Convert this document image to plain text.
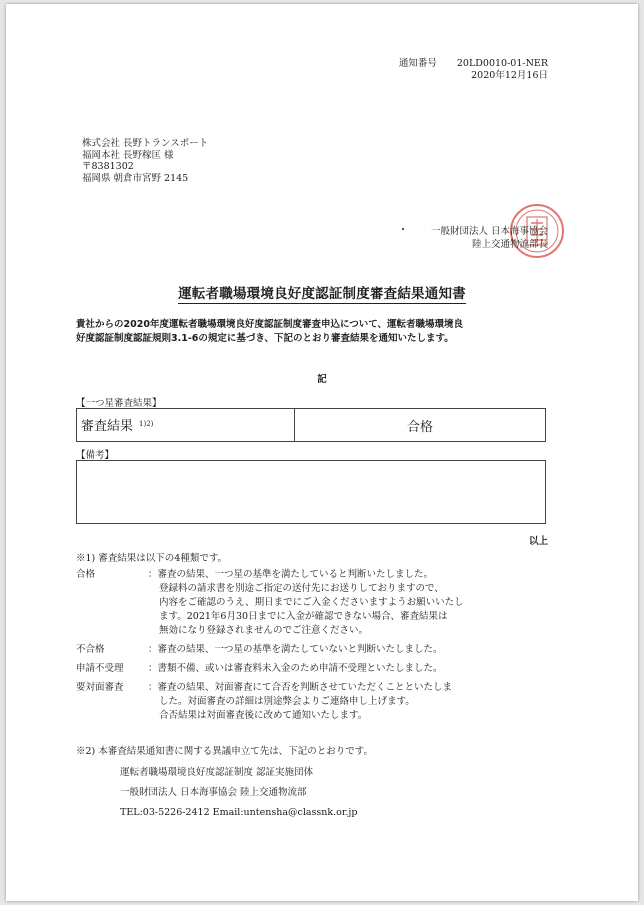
通知番号 20LD0010-01-NER
2020年12月16日
株式会社 長野トランスポート
福岡本社 長野稼匡 様
〒8381302
福岡県 朝倉市宮野 2145
一般財団法人 日本海事協会
陸上交通物流部長
運転者職場環境良好度認証制度審査結果通知書
貴社からの2020年度運転者職場環境良好度認証制度審査申込について、運転者職場環境良
好度認証制度認証規則3.1-6の規定に基づき、下記のとおり審査結果を通知いたします。
記
【一つ星審査結果】
審査結果 $^{1)2)}$	合格
【備考】
以上
※1) 審査結果は以下の4種類です。
合格	：審査の結果、一つ星の基準を満たしていると判断いたしました。
登録料の請求書を別途ご指定の送付先にお送りしておりますので、
内容をご確認のうえ、期日までにご入金くださいますようお願いいたし
ます。2021年6月30日までに入金が確認できない場合、審査結果は
無効になり登録されませんのでご注意ください。
不合格	：審査の結果、一つ星の基準を満たしていないと判断いたしました。
申請不受理	：書類不備、或いは審査料未入金のため申請不受理といたしました。
要対面審査	：審査の結果、対面審査にて合否を判断させていただくことといたしま
した。対面審査の詳細は別途弊会よりご連絡申し上げます。
合否結果は対面審査後に改めて通知いたします。
※2) 本審査結果通知書に関する異議申立て先は、下記のとおりです。
運転者職場環境良好度認証制度 認証実施団体
一般財団法人 日本海事協会 陸上交通物流部
TEL:03-5226-2412 Email:untensha@classnk.or.jp
